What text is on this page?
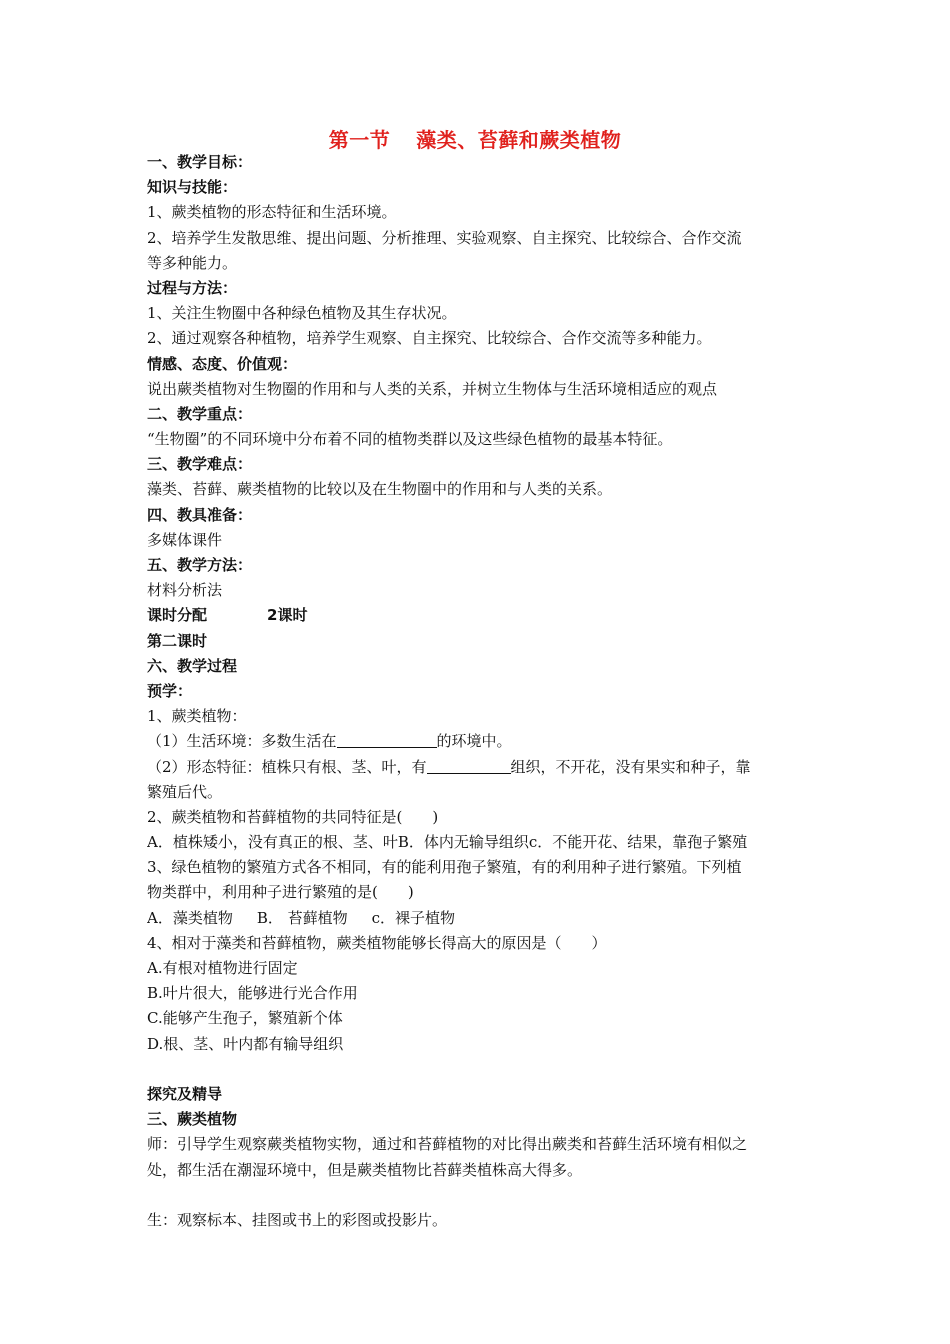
第一节 藻类、苔藓和蕨类植物
一、教学目标：
知识与技能：
1、蕨类植物的形态特征和生活环境。
2、培养学生发散思维、提出问题、分析推理、实验观察、自主探究、比较综合、合作交流
等多种能力。
过程与方法：
1、关注生物圈中各种绿色植物及其生存状况。
2、通过观察各种植物，培养学生观察、自主探究、比较综合、合作交流等多种能力。
情感、态度、价值观：
说出蕨类植物对生物圈的作用和与人类的关系，并树立生物体与生活环境相适应的观点
二、教学重点：
“生物圈”的不同环境中分布着不同的植物类群以及这些绿色植物的最基本特征。
三、教学难点：
藻类、苔藓、蕨类植物的比较以及在生物圈中的作用和与人类的关系。
四、教具准备：
多媒体课件
五、教学方法：
材料分析法
课时分配	2课时
第二课时
六、教学过程
预学：
1、蕨类植物：
（1）生活环境：多数生活在	的环境中。
（2）形态特征：植株只有根、茎、叶，有	组织，不开花，没有果实和种子，靠
繁殖后代。
2、蕨类植物和苔藓植物的共同特征是(　　)
A．植株矮小，没有真正的根、茎、叶B．体内无输导组织c．不能开花、结果，靠孢子繁殖
3、绿色植物的繁殖方式各不相同，有的能利用孢子繁殖，有的利用种子进行繁殖。下列植
物类群中，利用种子进行繁殖的是(　　)
A．藻类植物 B． 苔藓植物 c．裸子植物
4、相对于藻类和苔藓植物，蕨类植物能够长得高大的原因是（　　）
A.有根对植物进行固定
B.叶片很大，能够进行光合作用
C.能够产生孢子，繁殖新个体
D.根、茎、叶内都有输导组织
探究及精导
三、蕨类植物
师：引导学生观察蕨类植物实物，通过和苔藓植物的对比得出蕨类和苔藓生活环境有相似之
处，都生活在潮湿环境中，但是蕨类植物比苔藓类植株高大得多。
生：观察标本、挂图或书上的彩图或投影片。
